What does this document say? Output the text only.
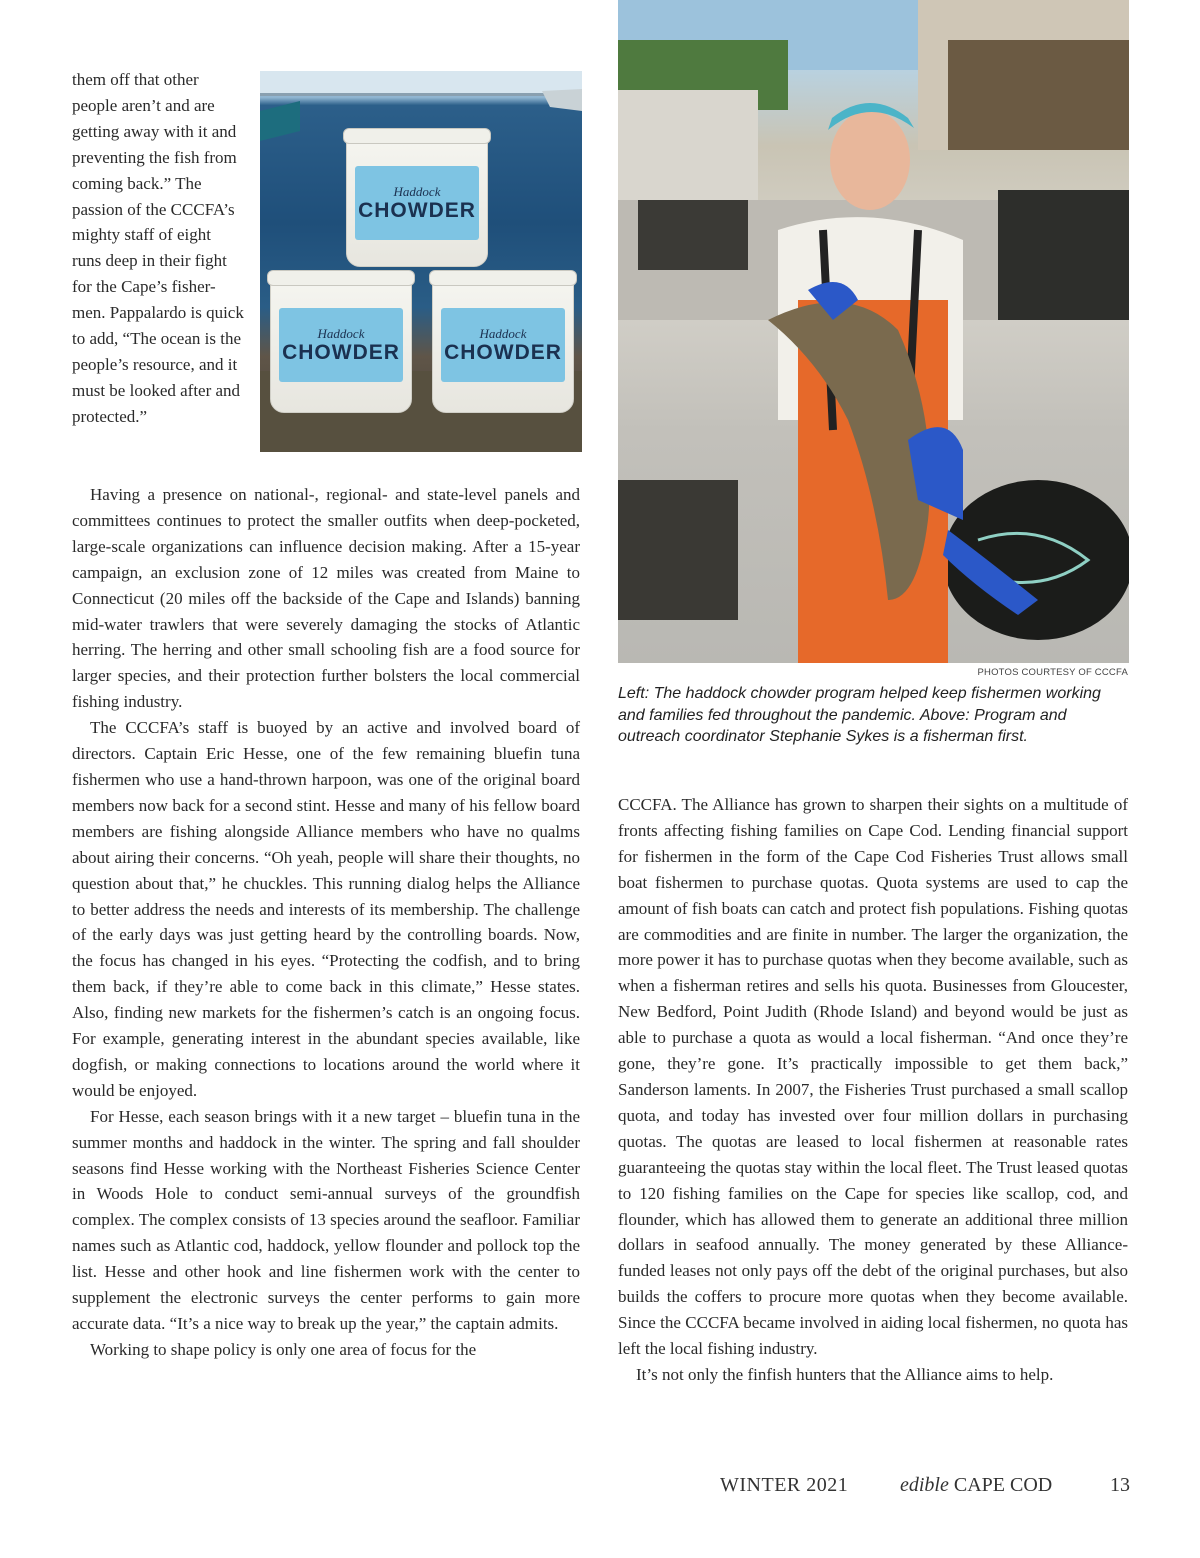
Haddock
CHOWDER
Haddock
CHOWDER
Haddock
CHOWDER

them off that other people aren’t and are getting away with it and preventing the fish from coming back.” The passion of the CCCFA’s mighty staff of eight runs deep in their fight for the Cape’s fisher-men. Pappalardo is quick to add, “The ocean is the people’s resource, and it must be looked after and protected.”

PHOTOS COURTESY OF CCCFA
Left: The haddock chowder program helped keep fishermen working and families fed throughout the pandemic. Above: Program and outreach coordinator Stephanie Sykes is a fisherman first.

Having a presence on national-, regional- and state-level panels and committees continues to protect the smaller outfits when deep-pocketed, large-scale organizations can influence decision making. After a 15-year campaign, an exclusion zone of 12 miles was created from Maine to Connecticut (20 miles off the backside of the Cape and Islands) banning mid-water trawlers that were severely damaging the stocks of Atlantic herring. The herring and other small schooling fish are a food source for larger species, and their protection further bolsters the local commercial fishing industry.

The CCCFA’s staff is buoyed by an active and involved board of directors. Captain Eric Hesse, one of the few remaining bluefin tuna fishermen who use a hand-thrown harpoon, was one of the original board members now back for a second stint. Hesse and many of his fellow board members are fishing alongside Alliance members who have no qualms about airing their concerns. “Oh yeah, people will share their thoughts, no question about that,” he chuckles. This running dialog helps the Alliance to better address the needs and interests of its membership. The challenge of the early days was just getting heard by the controlling boards. Now, the focus has changed in his eyes. “Protecting the codfish, and to bring them back, if they’re able to come back in this climate,” Hesse states. Also, finding new markets for the fishermen’s catch is an ongoing focus. For example, generating interest in the abundant species available, like dogfish, or making connections to locations around the world where it would be enjoyed.

For Hesse, each season brings with it a new target – bluefin tuna in the summer months and haddock in the winter. The spring and fall shoulder seasons find Hesse working with the Northeast Fisheries Science Center in Woods Hole to conduct semi-annual surveys of the groundfish complex. The complex consists of 13 species around the seafloor. Familiar names such as Atlantic cod, haddock, yellow flounder and pollock top the list. Hesse and other hook and line fishermen work with the center to supplement the electronic surveys the center performs to gain more accurate data. “It’s a nice way to break up the year,” the captain admits.

Working to shape policy is only one area of focus for the

CCCFA. The Alliance has grown to sharpen their sights on a multitude of fronts affecting fishing families on Cape Cod. Lending financial support for fishermen in the form of the Cape Cod Fisheries Trust allows small boat fishermen to purchase quotas. Quota systems are used to cap the amount of fish boats can catch and protect fish populations. Fishing quotas are commodities and are finite in number. The larger the organization, the more power it has to purchase quotas when they become available, such as when a fisherman retires and sells his quota. Businesses from Gloucester, New Bedford, Point Judith (Rhode Island) and beyond would be just as able to purchase a quota as would a local fisherman. “And once they’re gone, they’re gone. It’s practically impossible to get them back,” Sanderson laments. In 2007, the Fisheries Trust purchased a small scallop quota, and today has invested over four million dollars in purchasing quotas. The quotas are leased to local fishermen at reasonable rates guaranteeing the quotas stay within the local fleet. The Trust leased quotas to 120 fishing families on the Cape for species like scallop, cod, and flounder, which has allowed them to generate an additional three million dollars in seafood annually. The money generated by these Alliance-funded leases not only pays off the debt of the original purchases, but also builds the coffers to procure more quotas when they become available. Since the CCCFA became involved in aiding local fishermen, no quota has left the local fishing industry.

It’s not only the finfish hunters that the Alliance aims to help.

WINTER 2021	edible CAPE COD	13
